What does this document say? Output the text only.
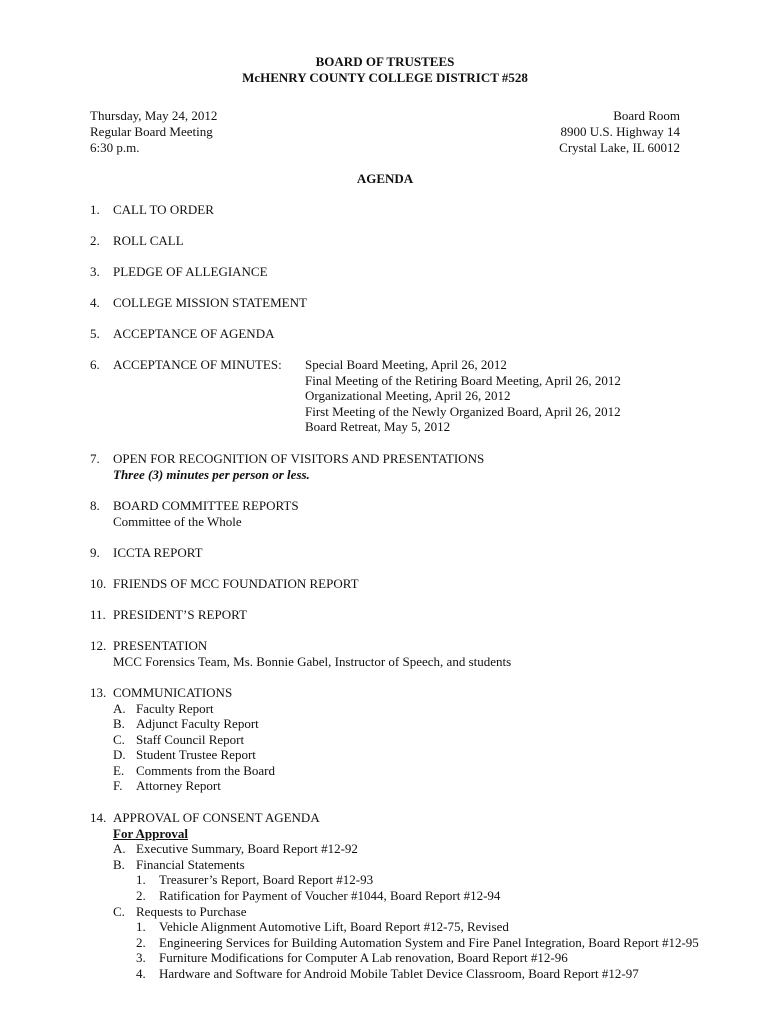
BOARD OF TRUSTEES
McHENRY COUNTY COLLEGE DISTRICT #528
Thursday, May 24, 2012
Regular Board Meeting
6:30 p.m.
Board Room
8900 U.S. Highway 14
Crystal Lake, IL 60012
AGENDA
1. CALL TO ORDER
2. ROLL CALL
3. PLEDGE OF ALLEGIANCE
4. COLLEGE MISSION STATEMENT
5. ACCEPTANCE OF AGENDA
6. ACCEPTANCE OF MINUTES: Special Board Meeting, April 26, 2012
Final Meeting of the Retiring Board Meeting, April 26, 2012
Organizational Meeting, April 26, 2012
First Meeting of the Newly Organized Board, April 26, 2012
Board Retreat, May 5, 2012
7. OPEN FOR RECOGNITION OF VISITORS AND PRESENTATIONS
Three (3) minutes per person or less.
8. BOARD COMMITTEE REPORTS
Committee of the Whole
9. ICCTA REPORT
10. FRIENDS OF MCC FOUNDATION REPORT
11. PRESIDENT’S REPORT
12. PRESENTATION
MCC Forensics Team, Ms. Bonnie Gabel, Instructor of Speech, and students
13. COMMUNICATIONS
A. Faculty Report
B. Adjunct Faculty Report
C. Staff Council Report
D. Student Trustee Report
E. Comments from the Board
F. Attorney Report
14. APPROVAL OF CONSENT AGENDA
For Approval
A. Executive Summary, Board Report #12-92
B. Financial Statements
1. Treasurer’s Report, Board Report #12-93
2. Ratification for Payment of Voucher #1044, Board Report #12-94
C. Requests to Purchase
1. Vehicle Alignment Automotive Lift, Board Report #12-75, Revised
2. Engineering Services for Building Automation System and Fire Panel Integration, Board Report #12-95
3. Furniture Modifications for Computer A Lab renovation, Board Report #12-96
4. Hardware and Software for Android Mobile Tablet Device Classroom, Board Report #12-97
